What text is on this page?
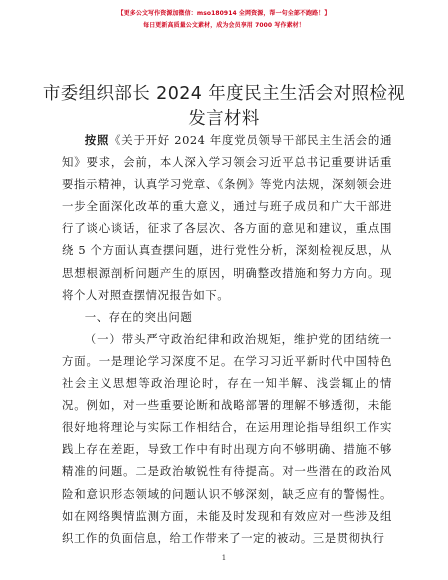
【更多公文写作资源加微信：mso180914 全网资源，帮一句全部不跑路！】
每日更新高质量公文素材，成为会员享用 7000 写作素材！
市委组织部长 2024 年度民主生活会对照检视发言材料

按照《关于开好 2024 年度党员领导干部民主生活会的通知》要求，会前，本人深入学习领会习近平总书记重要讲话重要指示精神，认真学习党章、《条例》等党内法规，深刻领会进一步全面深化改革的重大意义，通过与班子成员和广大干部进行了谈心谈话，征求了各层次、各方面的意见和建议，重点围绕 5 个方面认真查摆问题，进行党性分析，深刻检视反思，从思想根源剖析问题产生的原因，明确整改措施和努力方向。现将个人对照查摆情况报告如下。

一、存在的突出问题

（一）带头严守政治纪律和政治规矩，维护党的团结统一方面。一是理论学习深度不足。在学习习近平新时代中国特色社会主义思想等政治理论时，存在一知半解、浅尝辄止的情况。例如，对一些重要论断和战略部署的理解不够透彻，未能很好地将理论与实际工作相结合，在运用理论指导组织工作实践上存在差距，导致工作中有时出现方向不够明确、措施不够精准的问题。二是政治敏锐性有待提高。对一些潜在的政治风险和意识形态领域的问题认识不够深刻，缺乏应有的警惕性。如在网络舆情监测方面，未能及时发现和有效应对一些涉及组织工作的负面信息，给工作带来了一定的被动。三是贯彻执行

1
